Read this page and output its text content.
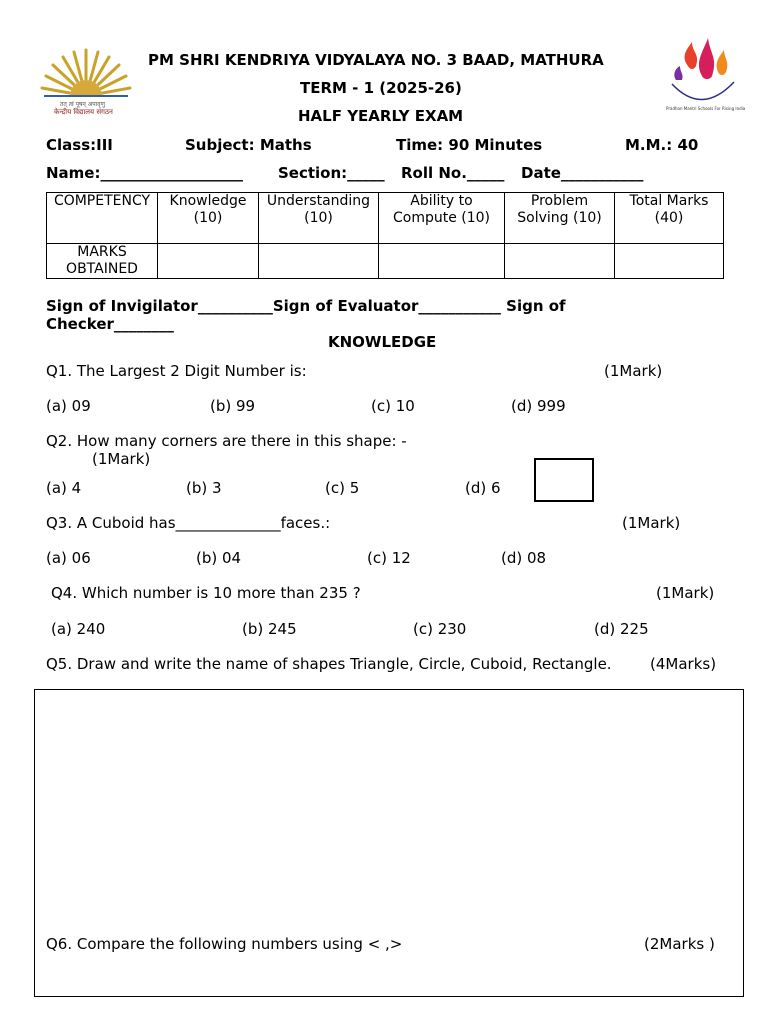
तत् त्वं पूषन् अपावृणु
केन्द्रीय विद्यालय संगठन	Pradhan Mantri Schools For Rising India
PM SHRI KENDRIYA VIDYALAYA NO. 3 BAAD, MATHURA
TERM - 1 (2025-26)
HALF YEARLY EXAM
Class:III	Subject: Maths	Time: 90 Minutes	M.M.: 40
Name:___________________ Section:_____ Roll No._____ Date___________
COMPETENCY	Knowledge (10)	Understanding (10)	Ability to Compute (10)	Problem Solving (10)	Total Marks (40)
MARKS OBTAINED					
Sign of Invigilator__________Sign of Evaluator___________ Sign of
Checker________
KNOWLEDGE
Q1. The Largest 2 Digit Number is:	(1Mark)
(a) 09	(b) 99	(c) 10	(d) 999
Q2. How many corners are there in this shape: -
(1Mark)
(a) 4	(b) 3	(c) 5	(d) 6
Q3. A Cuboid has______________faces.:	(1Mark)
(a) 06	(b) 04	(c) 12	(d) 08
Q4. Which number is 10 more than 235 ?	(1Mark)
(a) 240	(b) 245	(c) 230	(d) 225
Q5. Draw and write the name of shapes Triangle, Circle, Cuboid, Rectangle.	(4Marks)
Q6. Compare the following numbers using < ,>	(2Marks )
